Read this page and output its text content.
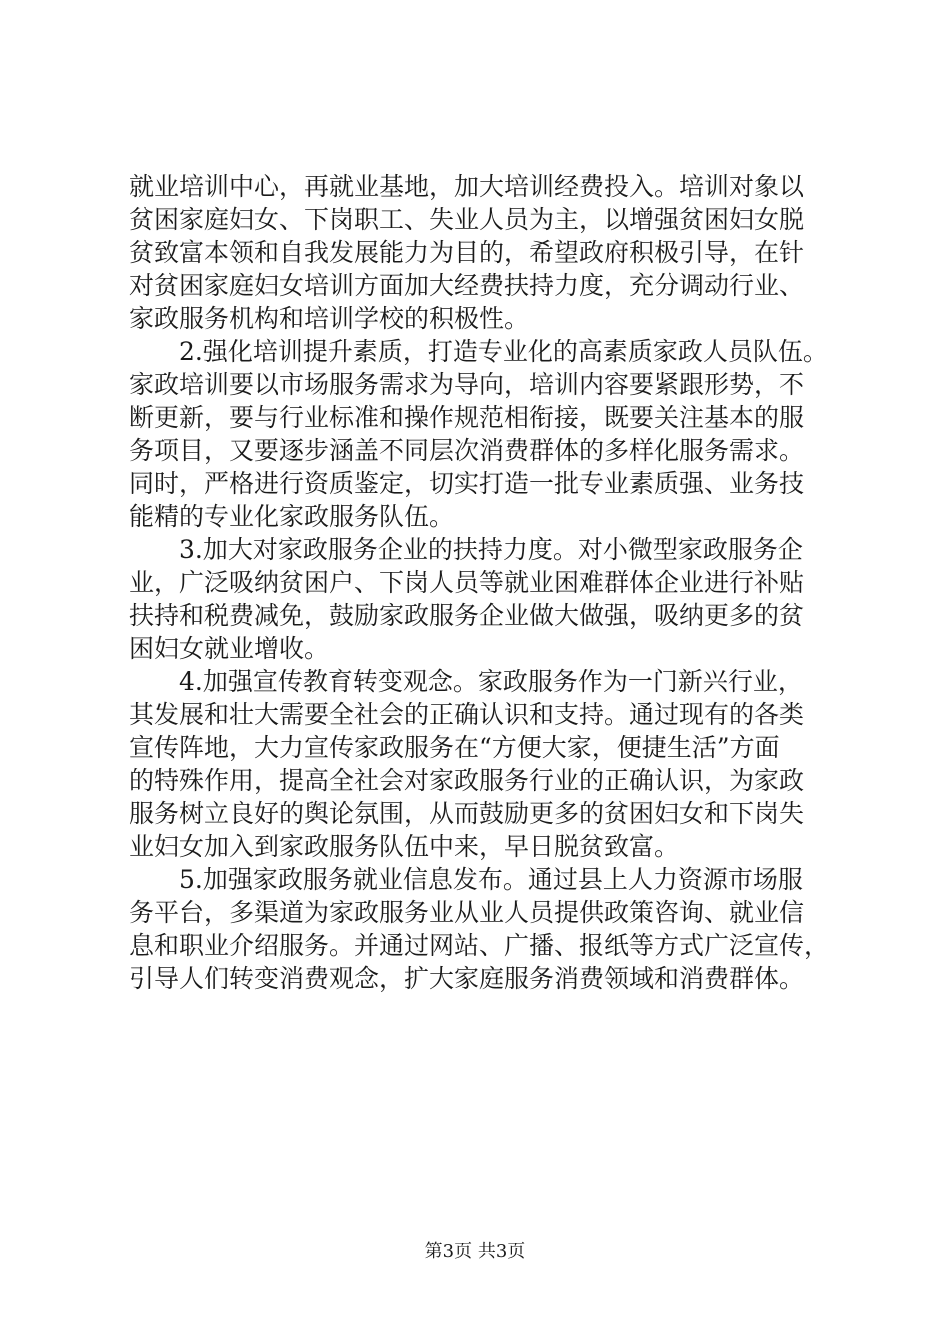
就业培训中心，再就业基地，加大培训经费投入。培训对象以
贫困家庭妇女、下岗职工、失业人员为主，以增强贫困妇女脱
贫致富本领和自我发展能力为目的，希望政府积极引导，在针
对贫困家庭妇女培训方面加大经费扶持力度，充分调动行业、
家政服务机构和培训学校的积极性。
2.强化培训提升素质，打造专业化的高素质家政人员队伍。
家政培训要以市场服务需求为导向，培训内容要紧跟形势，不
断更新，要与行业标准和操作规范相衔接，既要关注基本的服
务项目，又要逐步涵盖不同层次消费群体的多样化服务需求。
同时，严格进行资质鉴定，切实打造一批专业素质强、业务技
能精的专业化家政服务队伍。
3.加大对家政服务企业的扶持力度。对小微型家政服务企
业，广泛吸纳贫困户、下岗人员等就业困难群体企业进行补贴
扶持和税费减免，鼓励家政服务企业做大做强，吸纳更多的贫
困妇女就业增收。
4.加强宣传教育转变观念。家政服务作为一门新兴行业，
其发展和壮大需要全社会的正确认识和支持。通过现有的各类
宣传阵地，大力宣传家政服务在“方便大家，便捷生活”方面
的特殊作用，提高全社会对家政服务行业的正确认识，为家政
服务树立良好的舆论氛围，从而鼓励更多的贫困妇女和下岗失
业妇女加入到家政服务队伍中来，早日脱贫致富。
5.加强家政服务就业信息发布。通过县上人力资源市场服
务平台，多渠道为家政服务业从业人员提供政策咨询、就业信
息和职业介绍服务。并通过网站、广播、报纸等方式广泛宣传，
引导人们转变消费观念，扩大家庭服务消费领域和消费群体。
第3页 共3页
